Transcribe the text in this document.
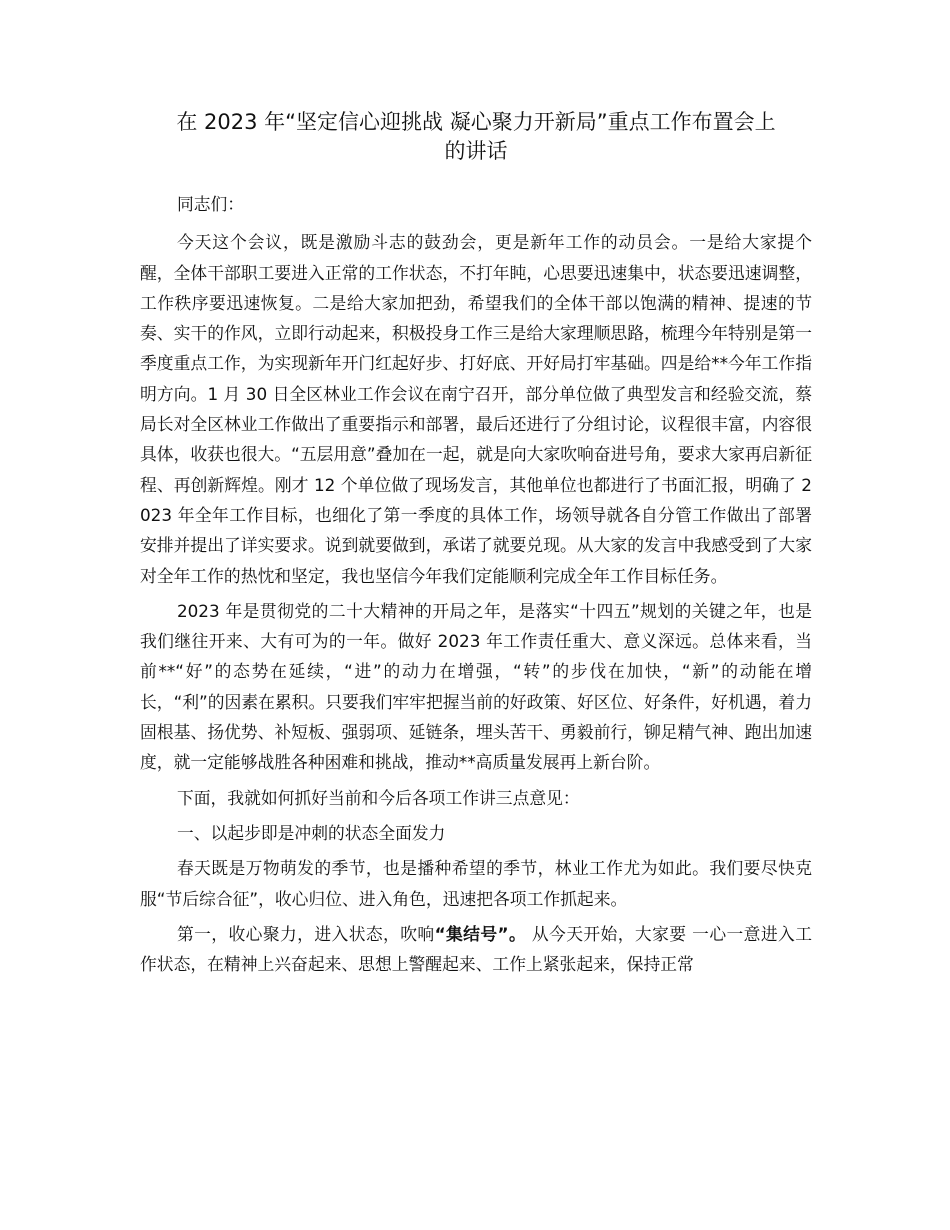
在 2023 年“坚定信心迎挑战 凝心聚力开新局”重点工作布置会上
的讲话

同志们：

今天这个会议，既是激励斗志的鼓劲会，更是新年工作的动员会。一是给大家提个醒，全体干部职工要进入正常的工作状态，不打年盹，心思要迅速集中，状态要迅速调整，工作秩序要迅速恢复。二是给大家加把劲，希望我们的全体干部以饱满的精神、提速的节奏、实干的作风，立即行动起来，积极投身工作三是给大家理顺思路，梳理今年特别是第一季度重点工作，为实现新年开门红起好步、打好底、开好局打牢基础。四是给**今年工作指明方向。1 月 30 日全区林业工作会议在南宁召开，部分单位做了典型发言和经验交流，蔡局长对全区林业工作做出了重要指示和部署，最后还进行了分组讨论，议程很丰富，内容很具体，收获也很大。“五层用意”叠加在一起，就是向大家吹响奋进号角，要求大家再启新征程、再创新辉煌。刚才 12 个单位做了现场发言，其他单位也都进行了书面汇报，明确了 2023 年全年工作目标，也细化了第一季度的具体工作，场领导就各自分管工作做出了部署安排并提出了详实要求。说到就要做到，承诺了就要兑现。从大家的发言中我感受到了大家对全年工作的热忱和坚定，我也坚信今年我们定能顺利完成全年工作目标任务。

2023 年是贯彻党的二十大精神的开局之年，是落实“十四五”规划的关键之年，也是我们继往开来、大有可为的一年。做好 2023 年工作责任重大、意义深远。总体来看，当前**“好”的态势在延续，“进”的动力在增强，“转”的步伐在加快，“新”的动能在增长，“利”的因素在累积。只要我们牢牢把握当前的好政策、好区位、好条件，好机遇，着力固根基、扬优势、补短板、强弱项、延链条，埋头苦干、勇毅前行，铆足精气神、跑出加速度，就一定能够战胜各种困难和挑战，推动**高质量发展再上新台阶。

下面，我就如何抓好当前和今后各项工作讲三点意见：

一、以起步即是冲刺的状态全面发力

春天既是万物萌发的季节，也是播种希望的季节，林业工作尤为如此。我们要尽快克服“节后综合征”，收心归位、进入角色，迅速把各项工作抓起来。

第一，收心聚力，进入状态，吹响“集结号”。 从今天开始，大家要 一心一意进入工作状态，在精神上兴奋起来、思想上警醒起来、工作上紧张起来，保持正常
